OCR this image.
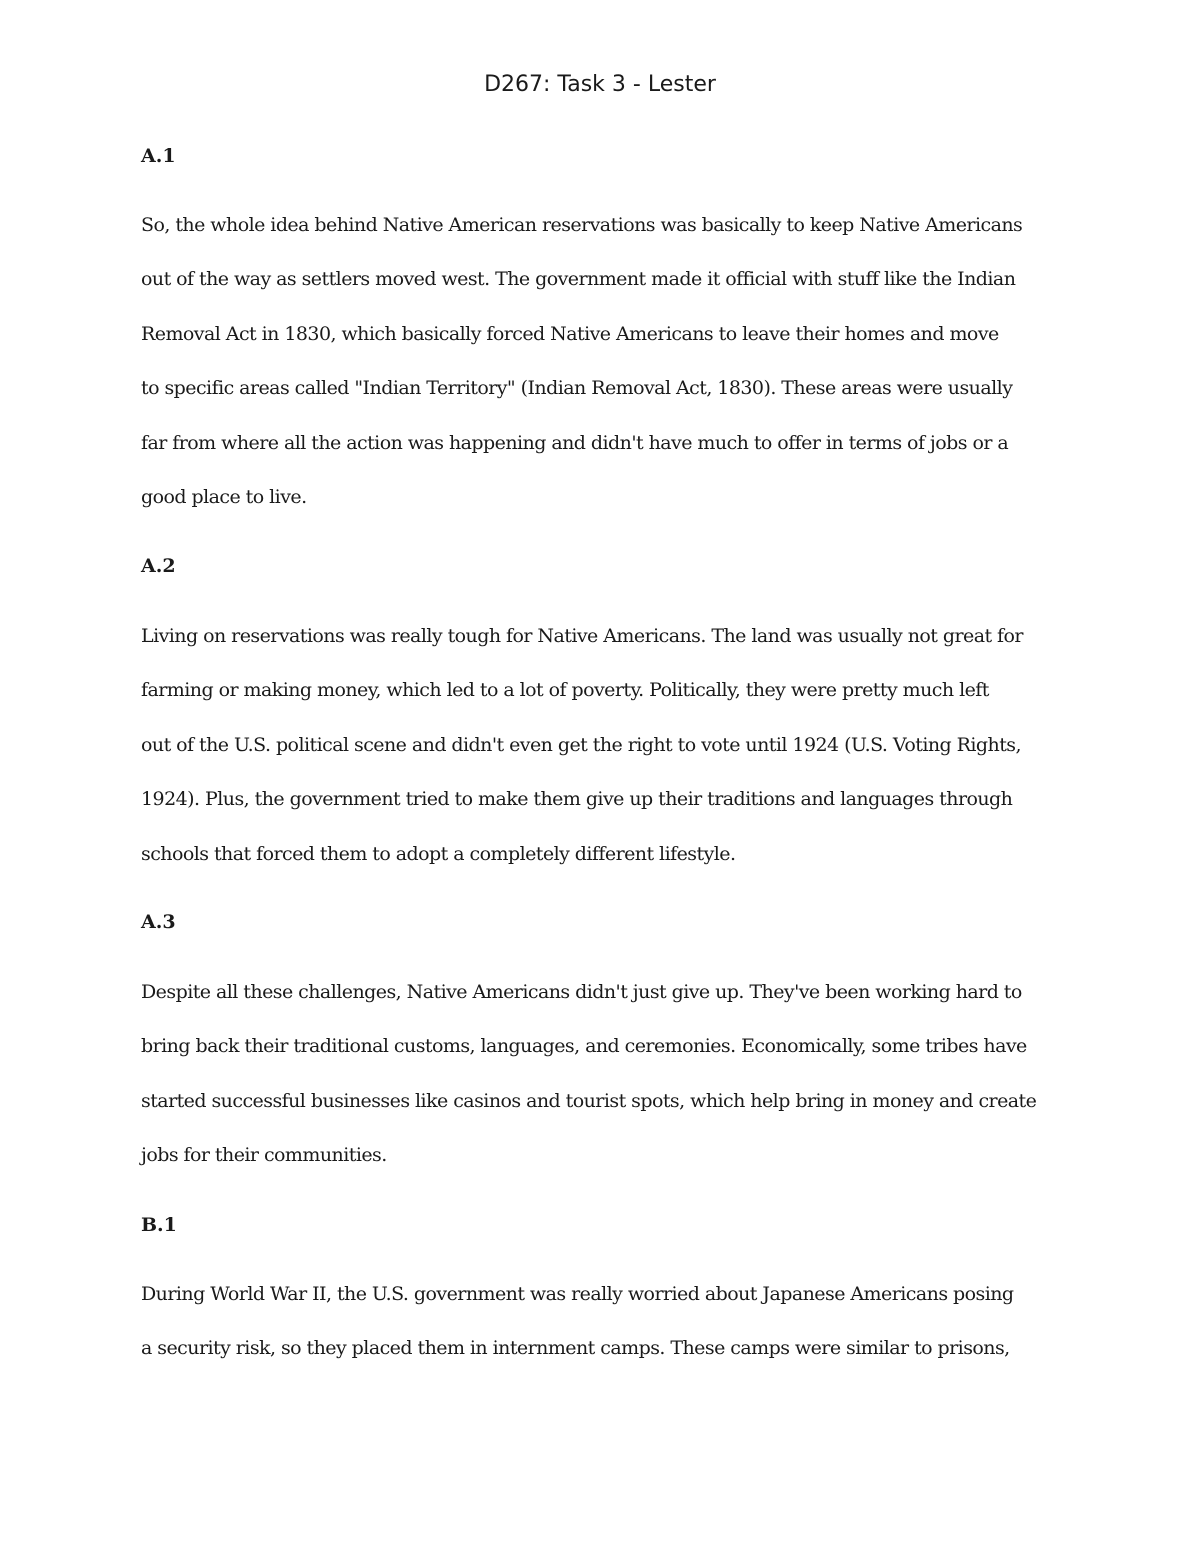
D267: Task 3 - Lester
A.1

So, the whole idea behind Native American reservations was basically to keep Native Americans
out of the way as settlers moved west. The government made it official with stuff like the Indian
Removal Act in 1830, which basically forced Native Americans to leave their homes and move
to specific areas called "Indian Territory" (Indian Removal Act, 1830). These areas were usually
far from where all the action was happening and didn't have much to offer in terms of jobs or a
good place to live.

A.2

Living on reservations was really tough for Native Americans. The land was usually not great for
farming or making money, which led to a lot of poverty. Politically, they were pretty much left
out of the U.S. political scene and didn't even get the right to vote until 1924 (U.S. Voting Rights,
1924). Plus, the government tried to make them give up their traditions and languages through
schools that forced them to adopt a completely different lifestyle.

A.3

Despite all these challenges, Native Americans didn't just give up. They've been working hard to
bring back their traditional customs, languages, and ceremonies. Economically, some tribes have
started successful businesses like casinos and tourist spots, which help bring in money and create
jobs for their communities.

B.1

During World War II, the U.S. government was really worried about Japanese Americans posing
a security risk, so they placed them in internment camps. These camps were similar to prisons,
